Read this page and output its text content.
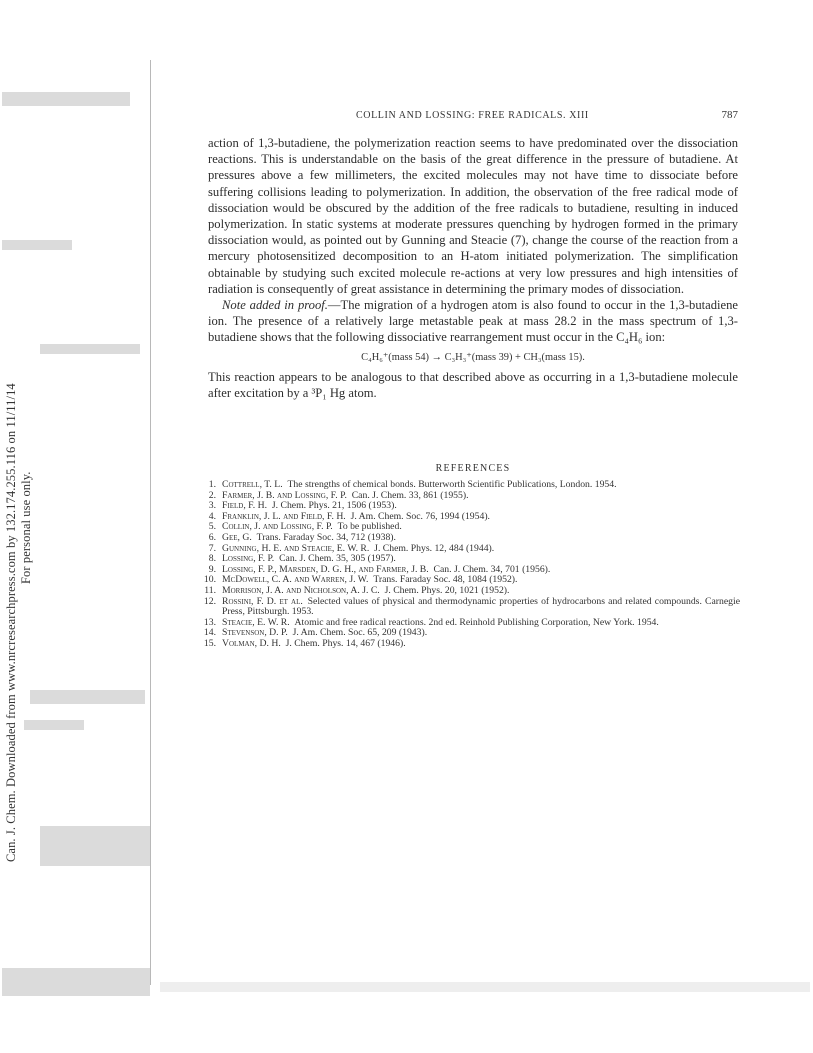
Can. J. Chem. Downloaded from www.nrcresearchpress.com by 132.174.255.116 on 11/11/14 For personal use only.
COLLIN AND LOSSING: FREE RADICALS. XIII	787

action of 1,3-butadiene, the polymerization reaction seems to have predominated over the dissociation reactions. This is understandable on the basis of the great difference in the pressure of butadiene. At pressures above a few millimeters, the excited molecules may not have time to dissociate before suffering collisions leading to polymerization. In addition, the observation of the free radical mode of dissociation would be obscured by the addition of the free radicals to butadiene, resulting in induced polymerization. In static systems at moderate pressures quenching by hydrogen formed in the primary dissociation would, as pointed out by Gunning and Steacie (7), change the course of the reaction from a mercury photosensitized decomposition to an H-atom initiated polymerization. The simplification obtainable by studying such excited molecule re-actions at very low pressures and high intensities of radiation is consequently of great assistance in determining the primary modes of dissociation.

Note added in proof.—The migration of a hydrogen atom is also found to occur in the 1,3-butadiene ion. The presence of a relatively large metastable peak at mass 28.2 in the mass spectrum of 1,3-butadiene shows that the following dissociative rearrangement must occur in the C₄H₆ ion:

C₄H₆⁺(mass 54) → C₃H₃⁺(mass 39) + CH₃(mass 15).

This reaction appears to be analogous to that described above as occurring in a 1,3-butadiene molecule after excitation by a ³P₁ Hg atom.

REFERENCES
1. Cottrell, T. L.  The strengths of chemical bonds. Butterworth Scientific Publications, London. 1954.
2. Farmer, J. B. and Lossing, F. P.  Can. J. Chem. 33, 861 (1955).
3. Field, F. H.  J. Chem. Phys. 21, 1506 (1953).
4. Franklin, J. L. and Field, F. H.  J. Am. Chem. Soc. 76, 1994 (1954).
5. Collin, J. and Lossing, F. P.  To be published.
6. Gee, G.  Trans. Faraday Soc. 34, 712 (1938).
7. Gunning, H. E. and Steacie, E. W. R.  J. Chem. Phys. 12, 484 (1944).
8. Lossing, F. P.  Can. J. Chem. 35, 305 (1957).
9. Lossing, F. P., Marsden, D. G. H., and Farmer, J. B.  Can. J. Chem. 34, 701 (1956).
10. McDowell, C. A. and Warren, J. W.  Trans. Faraday Soc. 48, 1084 (1952).
11. Morrison, J. A. and Nicholson, A. J. C.  J. Chem. Phys. 20, 1021 (1952).
12. Rossini, F. D. et al.  Selected values of physical and thermodynamic properties of hydrocarbons and related compounds. Carnegie Press, Pittsburgh. 1953.
13. Steacie, E. W. R.  Atomic and free radical reactions. 2nd ed. Reinhold Publishing Corporation, New York. 1954.
14. Stevenson, D. P.  J. Am. Chem. Soc. 65, 209 (1943).
15. Volman, D. H.  J. Chem. Phys. 14, 467 (1946).
